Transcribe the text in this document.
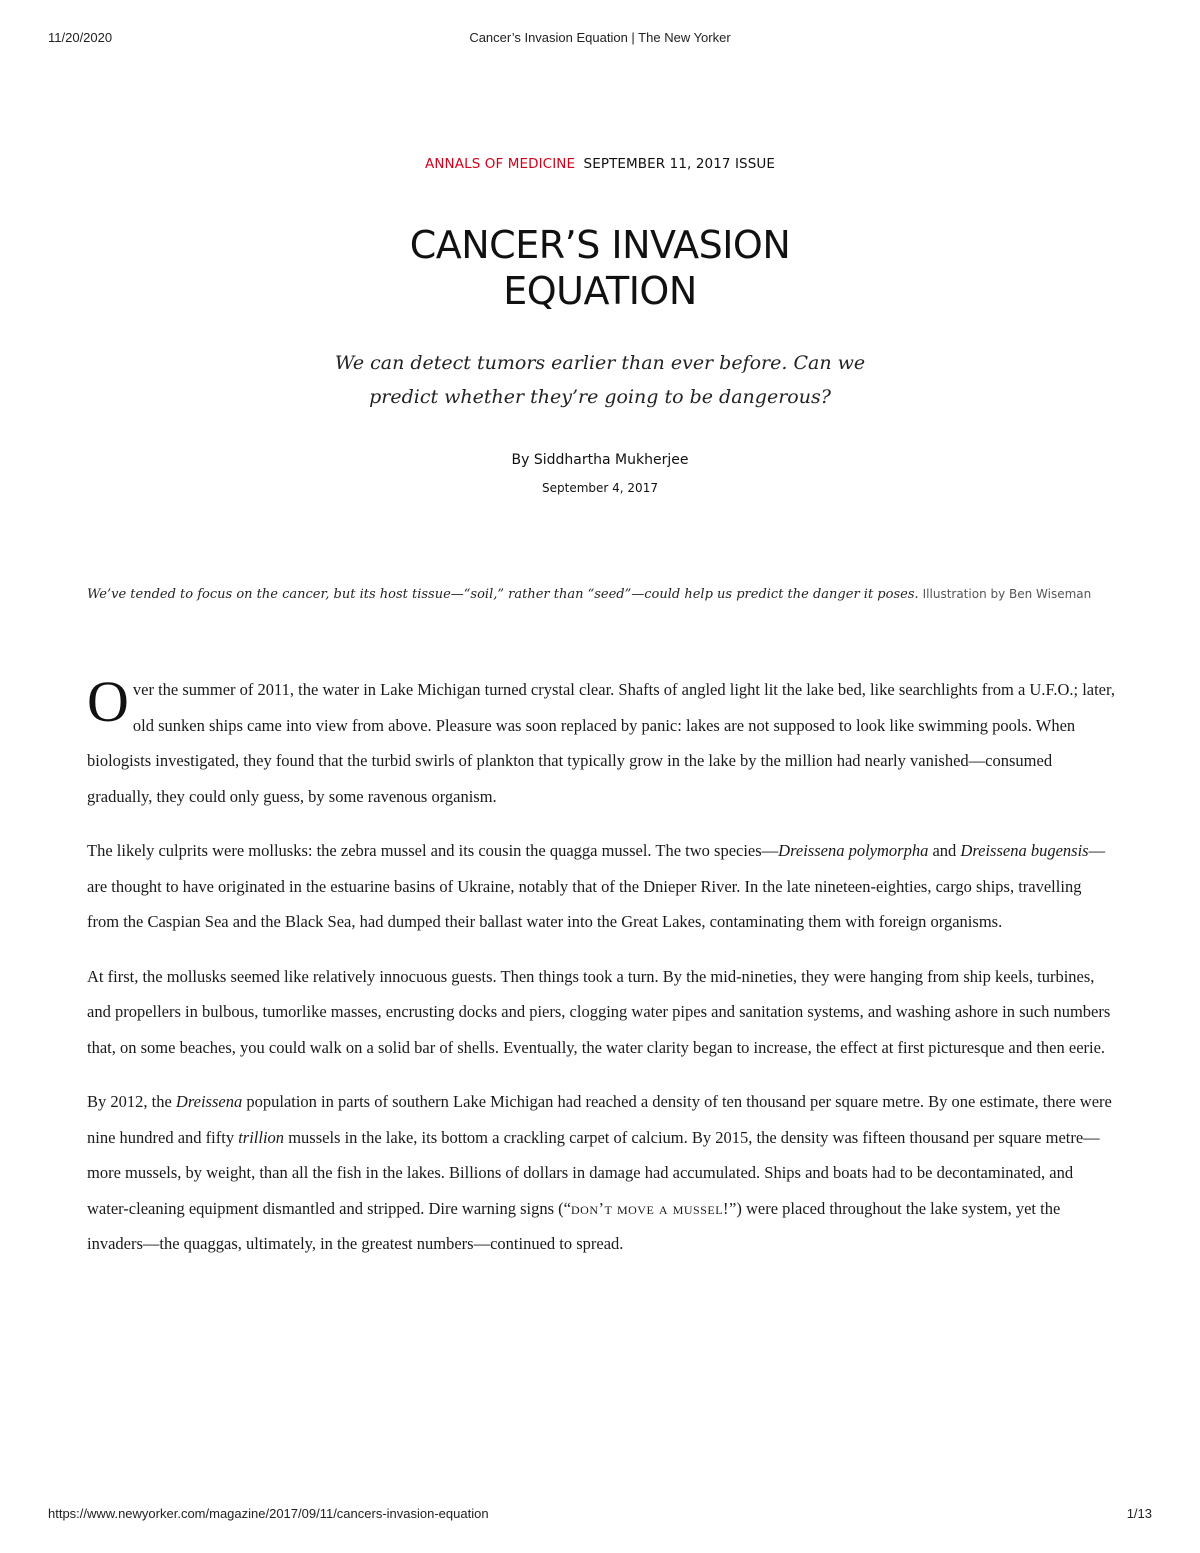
11/20/2020	Cancer’s Invasion Equation | The New Yorker
ANNALS OF MEDICINE SEPTEMBER 11, 2017 ISSUE
CANCER’S INVASION
EQUATION
We can detect tumors earlier than ever before. Can we
predict whether they’re going to be dangerous?
By Siddhartha Mukherjee
September 4, 2017
We’ve tended to focus on the cancer, but its host tissue—“soil,” rather than “seed”—could help us predict the danger it poses. Illustration by Ben Wiseman

Over the summer of 2011, the water in Lake Michigan turned crystal clear. Shafts of angled light lit the lake bed, like searchlights from a U.F.O.; later, old sunken ships came into view from above. Pleasure was soon replaced by panic: lakes are not supposed to look like swimming pools. When biologists investigated, they found that the turbid swirls of plankton that typically grow in the lake by the million had nearly vanished—consumed gradually, they could only guess, by some ravenous organism.

The likely culprits were mollusks: the zebra mussel and its cousin the quagga mussel. The two species—Dreissena polymorpha and Dreissena bugensis—are thought to have originated in the estuarine basins of Ukraine, notably that of the Dnieper River. In the late nineteen-eighties, cargo ships, travelling from the Caspian Sea and the Black Sea, had dumped their ballast water into the Great Lakes, contaminating them with foreign organisms.

At first, the mollusks seemed like relatively innocuous guests. Then things took a turn. By the mid-nineties, they were hanging from ship keels, turbines, and propellers in bulbous, tumorlike masses, encrusting docks and piers, clogging water pipes and sanitation systems, and washing ashore in such numbers that, on some beaches, you could walk on a solid bar of shells. Eventually, the water clarity began to increase, the effect at first picturesque and then eerie.

By 2012, the Dreissena population in parts of southern Lake Michigan had reached a density of ten thousand per square metre. By one estimate, there were nine hundred and fifty trillion mussels in the lake, its bottom a crackling carpet of calcium. By 2015, the density was fifteen thousand per square metre—more mussels, by weight, than all the fish in the lakes. Billions of dollars in damage had accumulated. Ships and boats had to be decontaminated, and water-cleaning equipment dismantled and stripped. Dire warning signs (“don’t move a mussel!”) were placed throughout the lake system, yet the invaders—the quaggas, ultimately, in the greatest numbers—continued to spread.

https://www.newyorker.com/magazine/2017/09/11/cancers-invasion-equation	1/13
